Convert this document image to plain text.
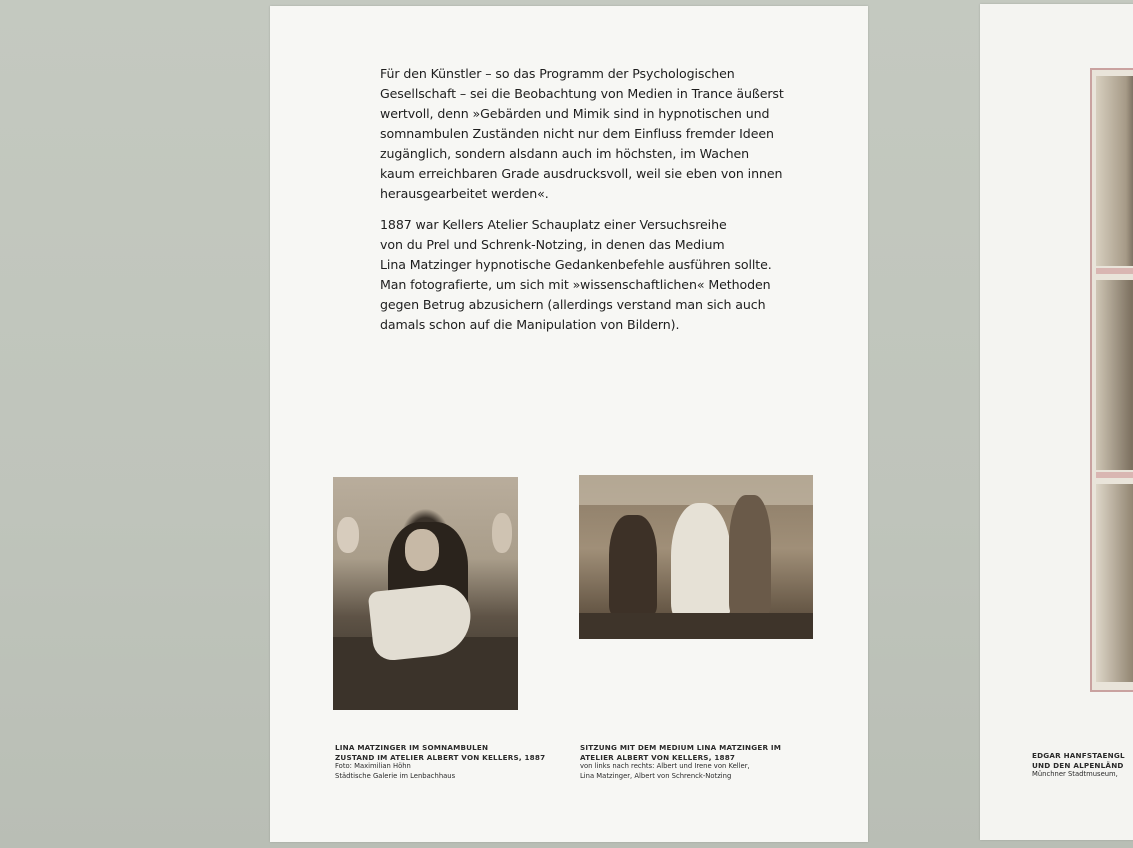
Für den Künstler – so das Programm der Psychologischen
Gesellschaft – sei die Beobachtung von Medien in Trance äußerst
wertvoll, denn »Gebärden und Mimik sind in hypnotischen und
somnambulen Zuständen nicht nur dem Einfluss fremder Ideen
zugänglich, sondern alsdann auch im höchsten, im Wachen
kaum erreichbaren Grade ausdrucksvoll, weil sie eben von innen
herausgearbeitet werden«.

1887 war Kellers Atelier Schauplatz einer Versuchsreihe
von du Prel und Schrenk-Notzing, in denen das Medium
Lina Matzinger hypnotische Gedankenbefehle ausführen sollte.
Man fotografierte, um sich mit »wissenschaftlichen« Methoden
gegen Betrug abzusichern (allerdings verstand man sich auch
damals schon auf die Manipulation von Bildern).

LINA MATZINGER IM SOMNAMBULEN
ZUSTAND IM ATELIER ALBERT VON KELLERS, 1887
Foto: Maximilian Höhn
Städtische Galerie im Lenbachhaus
SITZUNG MIT DEM MEDIUM LINA MATZINGER IM
ATELIER ALBERT VON KELLERS, 1887
von links nach rechts: Albert und Irene von Keller,
Lina Matzinger, Albert von Schrenck-Notzing
EDGAR HANFSTAENGL
UND DEN ALPENLÄND
Münchner Stadtmuseum,
